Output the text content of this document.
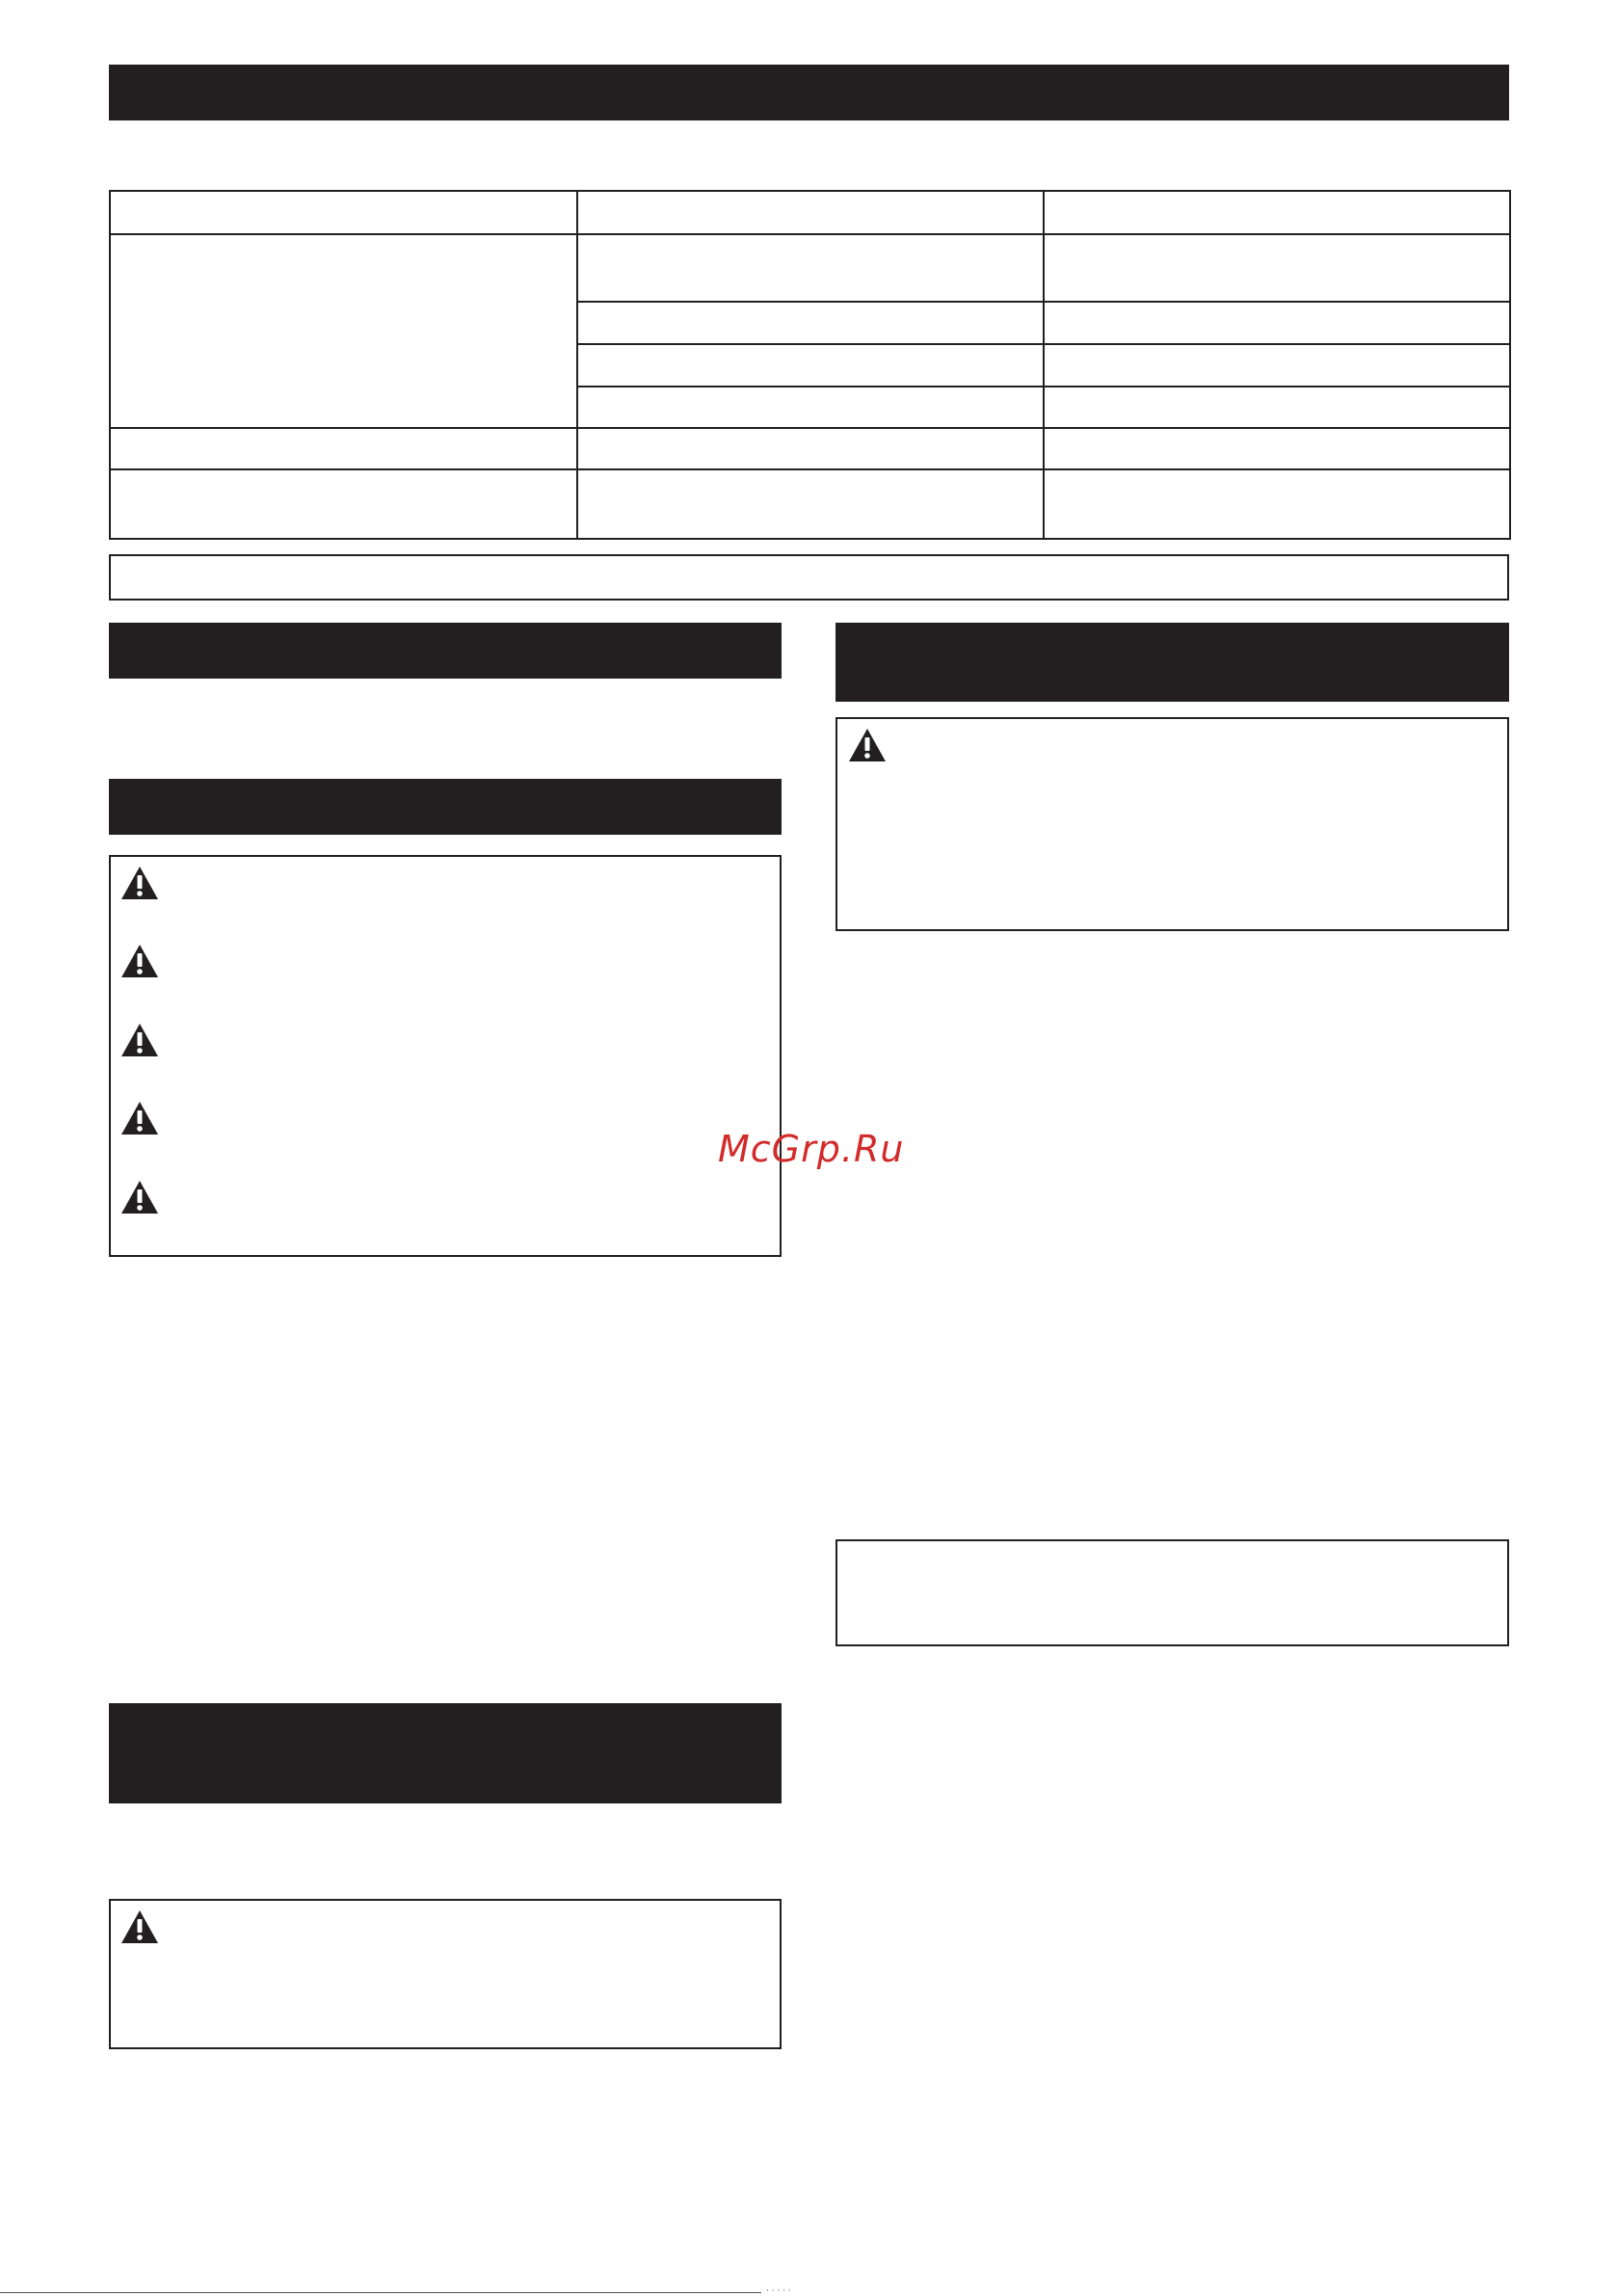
McGrp.Ru
· · · · ·
